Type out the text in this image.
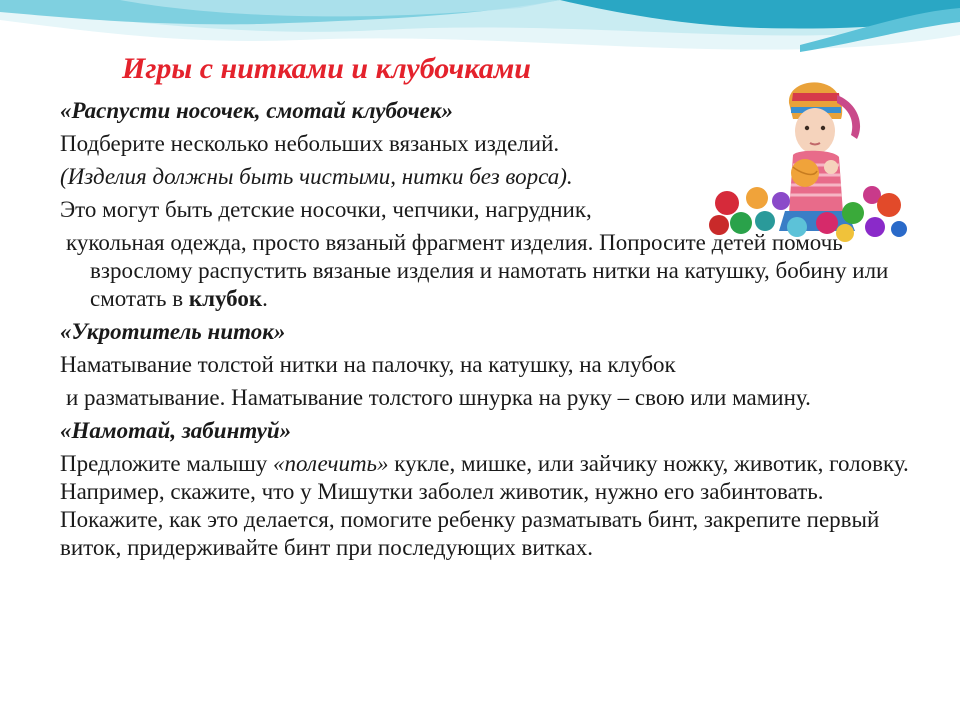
Игры с нитками и клубочками

«Распусти носочек, смотай клубочек»

Подберите несколько небольших вязаных изделий.

(Изделия должны быть чистыми, нитки без ворса).

Это могут быть детские носочки, чепчики, нагрудник,

кукольная одежда, просто вязаный фрагмент изделия. Попросите детей помочь взрослому распустить вязаные изделия и намотать нитки на катушку, бобину или смотать в клубок.

«Укротитель ниток»

Наматывание толстой нитки на палочку, на катушку, на клубок

и разматывание. Наматывание толстого шнурка на руку – свою или мамину.

«Намотай, забинтуй»

Предложите малышу «полечить» кукле, мишке, или зайчику ножку, животик, головку. Например, скажите, что у Мишутки заболел животик, нужно его забинтовать. Покажите, как это делается, помогите ребенку разматывать бинт, закрепите первый виток, придерживайте бинт при последующих витках.
